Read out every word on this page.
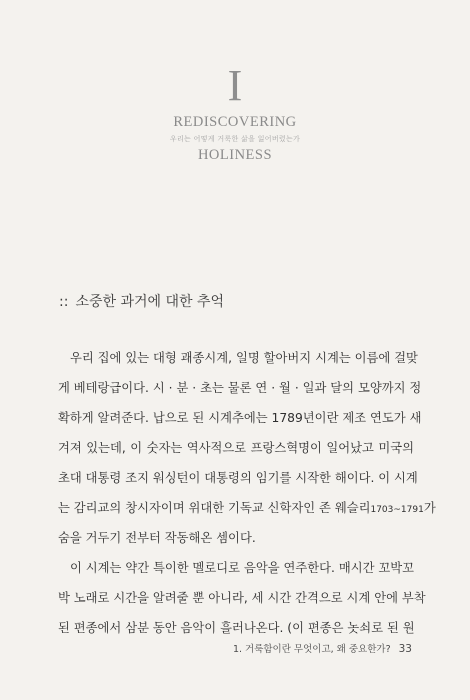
I
REDISCOVERING
우리는 어떻게 거룩한 삶을 잃어버렸는가
HOLINESS
:: 소중한 과거에 대한 추억
우리 집에 있는 대형 괘종시계, 일명 할아버지 시계는 이름에 걸맞
게 베테랑급이다. 시 · 분 · 초는 물론 연 · 월 · 일과 달의 모양까지 정
확하게 알려준다. 납으로 된 시계추에는 1789년이란 제조 연도가 새
겨져 있는데, 이 숫자는 역사적으로 프랑스혁명이 일어났고 미국의
초대 대통령 조지 워싱턴이 대통령의 임기를 시작한 해이다. 이 시계
는 감리교의 창시자이며 위대한 기독교 신학자인 존 웨슬리1703~1791가
숨을 거두기 전부터 작동해온 셈이다.
이 시계는 약간 특이한 멜로디로 음악을 연주한다. 매시간 꼬박꼬
박 노래로 시간을 알려줄 뿐 아니라, 세 시간 간격으로 시계 안에 부착
된 편종에서 삼분 동안 음악이 흘러나온다. (이 편종은 놋쇠로 된 원
1. 거룩함이란 무엇이고, 왜 중요한가? 33
